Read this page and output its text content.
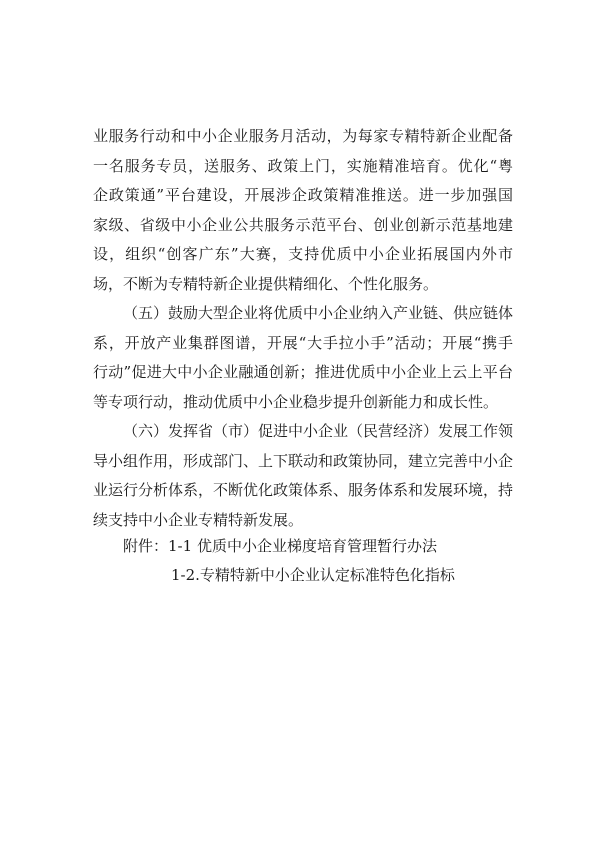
业服务行动和中小企业服务月活动，为每家专精特新企业配备
一名服务专员，送服务、政策上门，实施精准培育。优化“粤
企政策通”平台建设，开展涉企政策精准推送。进一步加强国
家级、省级中小企业公共服务示范平台、创业创新示范基地建
设，组织“创客广东”大赛，支持优质中小企业拓展国内外市
场，不断为专精特新企业提供精细化、个性化服务。
（五）鼓励大型企业将优质中小企业纳入产业链、供应链体
系，开放产业集群图谱，开展“大手拉小手”活动；开展“携手
行动”促进大中小企业融通创新；推进优质中小企业上云上平台
等专项行动，推动优质中小企业稳步提升创新能力和成长性。
（六）发挥省（市）促进中小企业（民营经济）发展工作领
导小组作用，形成部门、上下联动和政策协同，建立完善中小企
业运行分析体系，不断优化政策体系、服务体系和发展环境，持
续支持中小企业专精特新发展。
附件：1-1 优质中小企业梯度培育管理暂行办法
1-2.专精特新中小企业认定标准特色化指标
